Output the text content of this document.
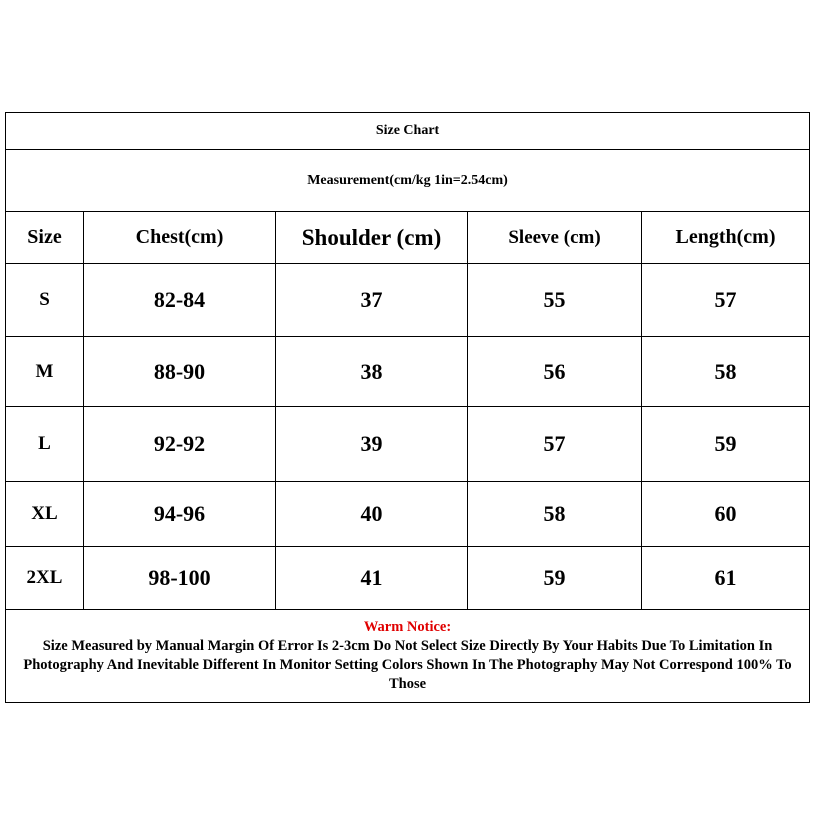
Size Chart				
Measurement(cm/kg 1in=2.54cm)				
Size	Chest(cm)	Shoulder (cm)	Sleeve (cm)	Length(cm)
S	82-84	37	55	57
M	88-90	38	56	58
L	92-92	39	57	59
XL	94-96	40	58	60
2XL	98-100	41	59	61

Warm Notice:
Size Measured by Manual Margin Of Error Is 2-3cm Do Not Select Size Directly By Your Habits Due To Limitation In Photography And Inevitable Different In Monitor Setting Colors Shown In The Photography May Not Correspond 100% To Those				
